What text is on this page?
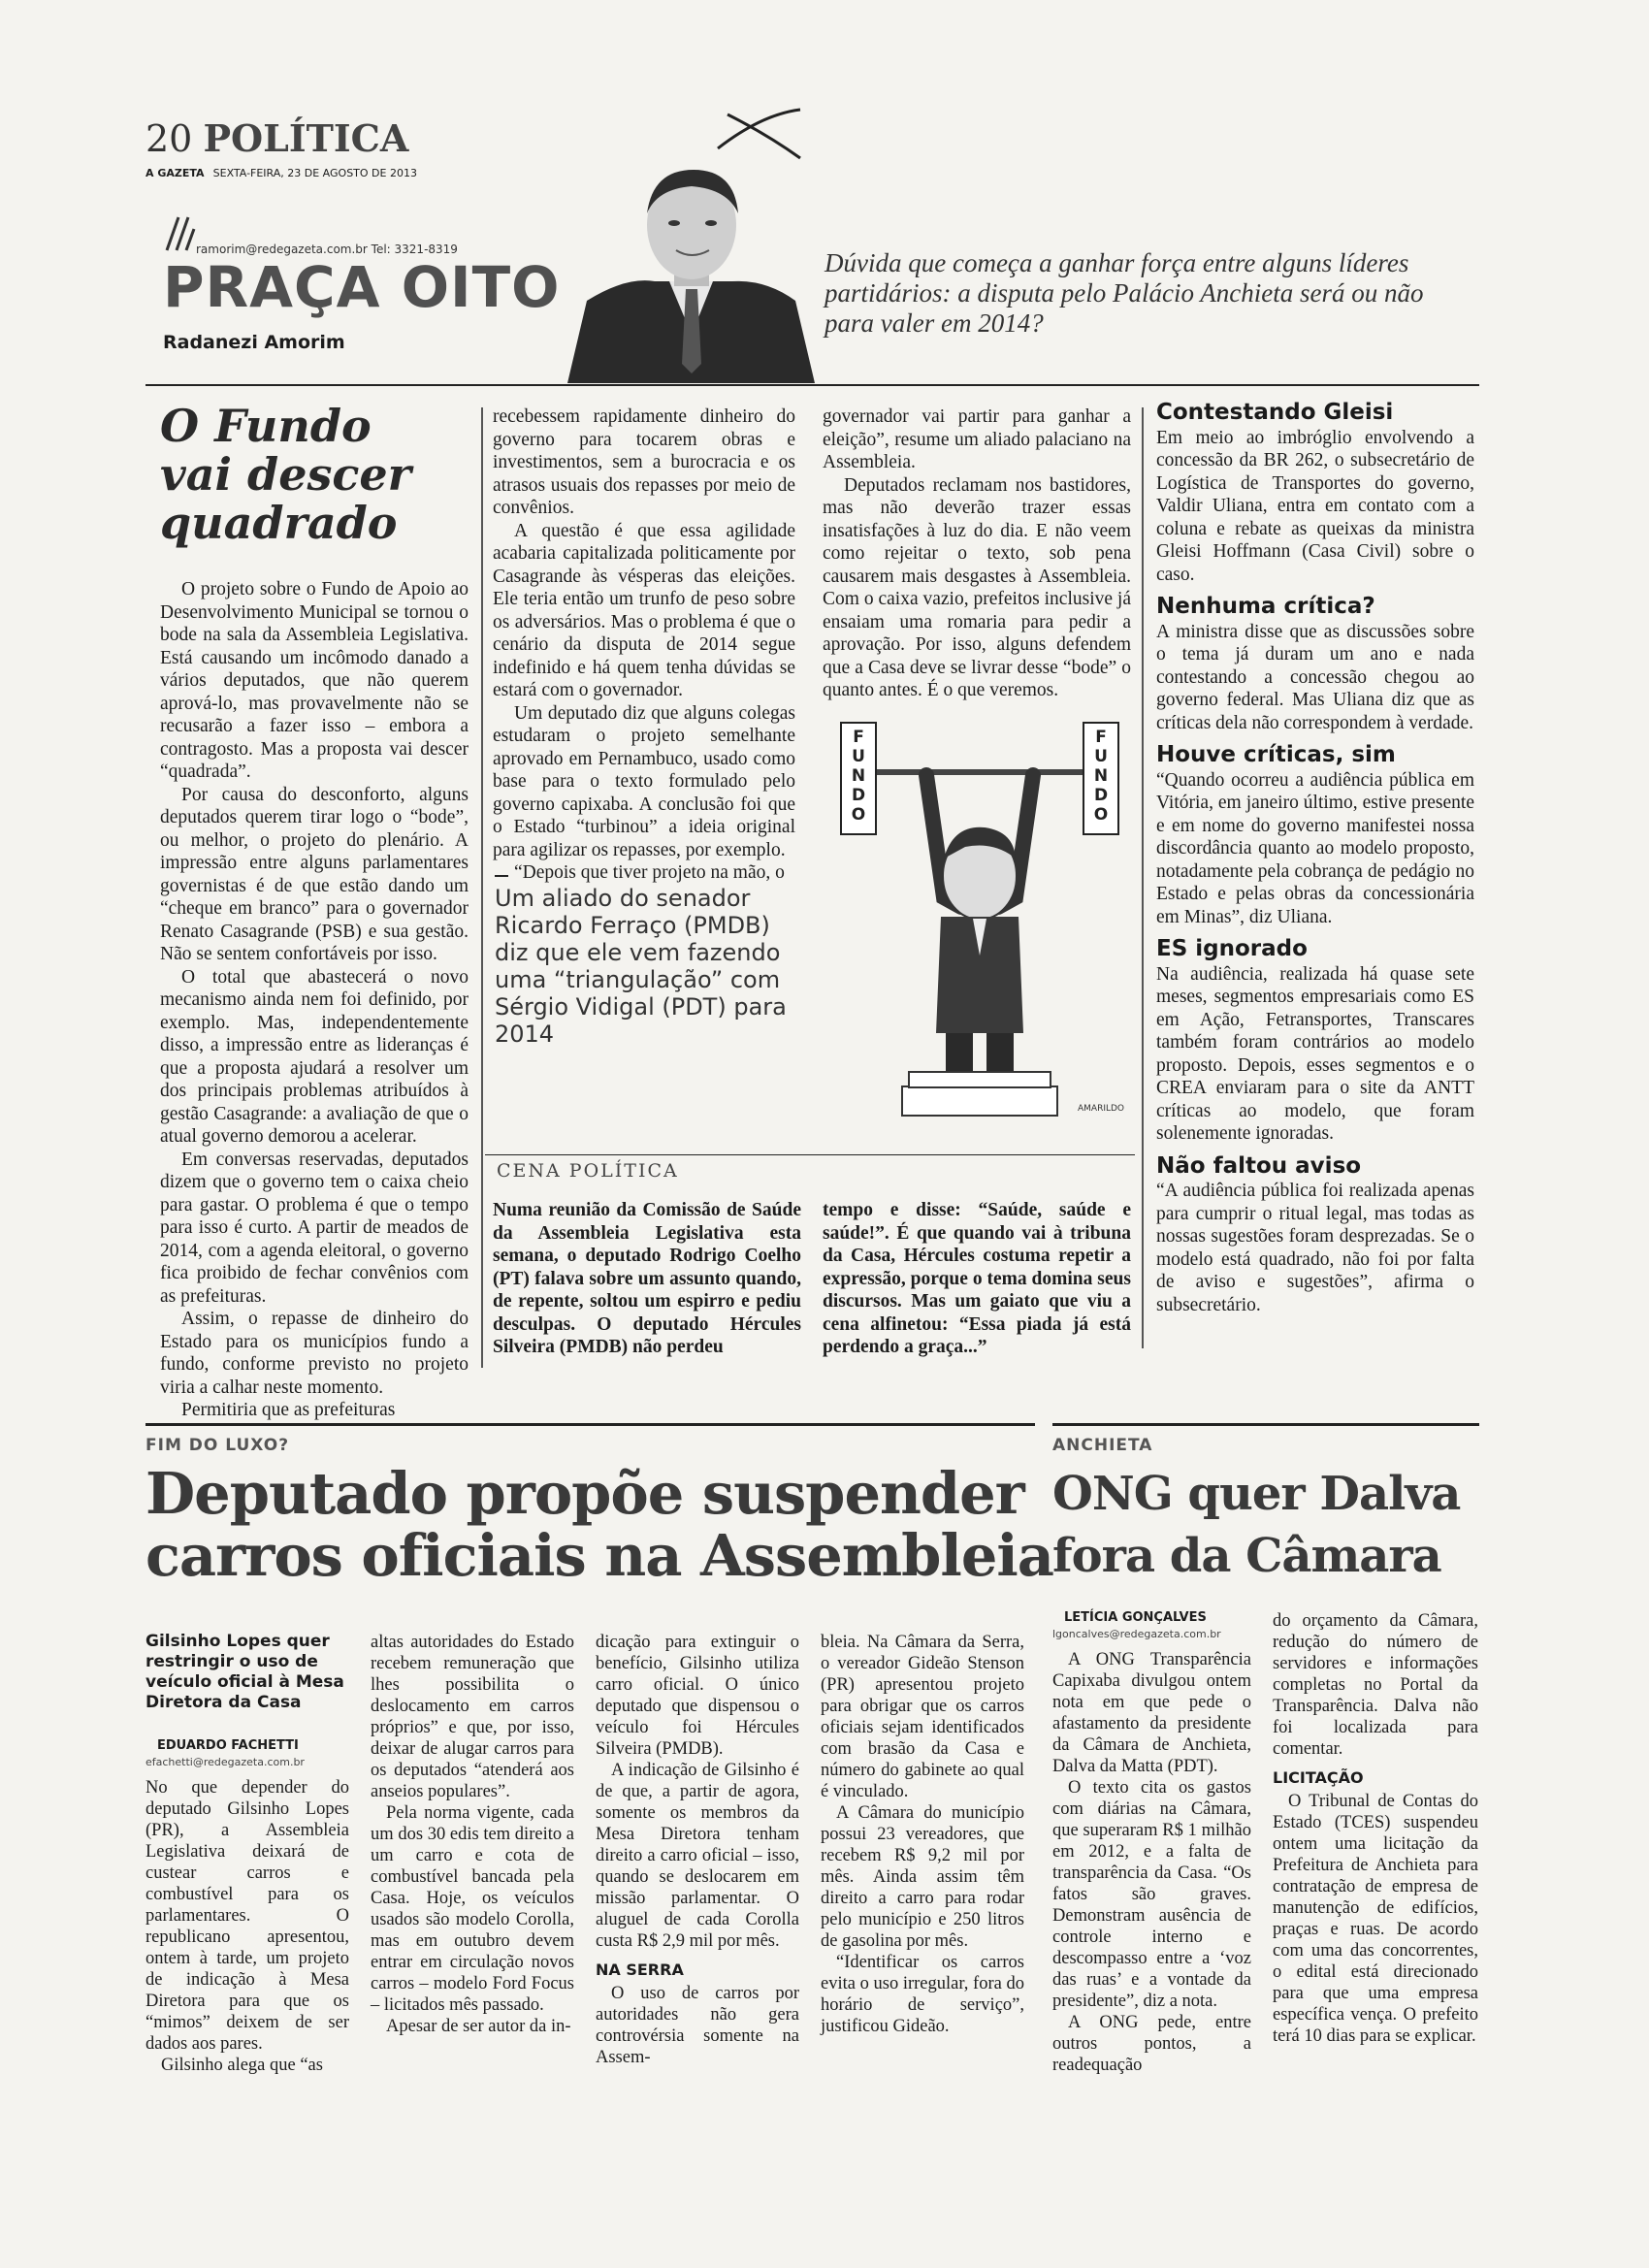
20 POLÍTICA
A GAZETA SEXTA-FEIRA, 23 DE AGOSTO DE 2013
ramorim@redegazeta.com.br Tel: 3321-8319
PRAÇA OITO
Radanezi Amorim
Dúvida que começa a ganhar força entre alguns líderes partidários: a disputa pelo Palácio Anchieta será ou não para valer em 2014?
O Fundo vai descer quadrado

O projeto sobre o Fundo de Apoio ao Desenvolvimento Municipal se tornou o bode na sala da Assembleia Legislativa. Está causando um incômodo danado a vários deputados, que não querem aprová-lo, mas provavelmente não se recusarão a fazer isso – embora a contragosto. Mas a proposta vai descer “quadrada”.

Por causa do desconforto, alguns deputados querem tirar logo o “bode”, ou melhor, o projeto do plenário. A impressão entre alguns parlamentares governistas é de que estão dando um “cheque em branco” para o governador Renato Casagrande (PSB) e sua gestão. Não se sentem confortáveis por isso.

O total que abastecerá o novo mecanismo ainda nem foi definido, por exemplo. Mas, independentemente disso, a impressão entre as lideranças é que a proposta ajudará a resolver um dos principais problemas atribuídos à gestão Casagrande: a avaliação de que o atual governo demorou a acelerar.

Em conversas reservadas, deputados dizem que o governo tem o caixa cheio para gastar. O problema é que o tempo para isso é curto. A partir de meados de 2014, com a agenda eleitoral, o governo fica proibido de fechar convênios com as prefeituras.

Assim, o repasse de dinheiro do Estado para os municípios fundo a fundo, conforme previsto no projeto viria a calhar neste momento.

Permitiria que as prefeituras

recebessem rapidamente dinheiro do governo para tocarem obras e investimentos, sem a burocracia e os atrasos usuais dos repasses por meio de convênios.

A questão é que essa agilidade acabaria capitalizada politicamente por Casagrande às vésperas das eleições. Ele teria então um trunfo de peso sobre os adversários. Mas o problema é que o cenário da disputa de 2014 segue indefinido e há quem tenha dúvidas se estará com o governador.

Um deputado diz que alguns colegas estudaram o projeto semelhante aprovado em Pernambuco, usado como base para o texto formulado pelo governo capixaba. A conclusão foi que o Estado “turbinou” a ideia original para agilizar os repasses, por exemplo.

“Depois que tiver projeto na mão, o

Um aliado do senador Ricardo Ferraço (PMDB) diz que ele vem fazendo uma “triangulação” com Sérgio Vidigal (PDT) para 2014

governador vai partir para ganhar a eleição”, resume um aliado palaciano na Assembleia.

Deputados reclamam nos bastidores, mas não deverão trazer essas insatisfações à luz do dia. E não veem como rejeitar o texto, sob pena causarem mais desgastes à Assembleia. Com o caixa vazio, prefeitos inclusive já ensaiam uma romaria para pedir a aprovação. Por isso, alguns defendem que a Casa deve se livrar desse “bode” o quanto antes. É o que veremos.

F
U
N
D
O
F
U
N
D
O
AMARILDO
Contestando Gleisi

Em meio ao imbróglio envolvendo a concessão da BR 262, o subsecretário de Logística de Transportes do governo, Valdir Uliana, entra em contato com a coluna e rebate as queixas da ministra Gleisi Hoffmann (Casa Civil) sobre o caso.

Nenhuma crítica?

A ministra disse que as discussões sobre o tema já duram um ano e nada contestando a concessão chegou ao governo federal. Mas Uliana diz que as críticas dela não correspondem à verdade.

Houve críticas, sim

“Quando ocorreu a audiência pública em Vitória, em janeiro último, estive presente e em nome do governo manifestei nossa discordância quanto ao modelo proposto, notadamente pela cobrança de pedágio no Estado e pelas obras da concessionária em Minas”, diz Uliana.

ES ignorado

Na audiência, realizada há quase sete meses, segmentos empresariais como ES em Ação, Fetransportes, Transcares também foram contrários ao modelo proposto. Depois, esses segmentos e o CREA enviaram para o site da ANTT críticas ao modelo, que foram solenemente ignoradas.

Não faltou aviso

“A audiência pública foi realizada apenas para cumprir o ritual legal, mas todas as nossas sugestões foram desprezadas. Se o modelo está quadrado, não foi por falta de aviso e sugestões”, afirma o subsecretário.

CENA POLÍTICA
Numa reunião da Comissão de Saúde da Assembleia Legislativa esta semana, o deputado Rodrigo Coelho (PT) falava sobre um assunto quando, de repente, soltou um espirro e pediu desculpas. O deputado Hércules Silveira (PMDB) não perdeu
tempo e disse: “Saúde, saúde e saúde!”. É que quando vai à tribuna da Casa, Hércules costuma repetir a expressão, porque o tema domina seus discursos. Mas um gaiato que viu a cena alfinetou: “Essa piada já está perdendo a graça...”
FIM DO LUXO?
Deputado propõe suspender
carros oficiais na Assembleia
Gilsinho Lopes quer restringir o uso de veículo oficial à Mesa Diretora da Casa
EDUARDO FACHETTI
efachetti@redegazeta.com.br

No que depender do deputado Gilsinho Lopes (PR), a Assembleia Legislativa deixará de custear carros e combustível para os parlamentares. O republicano apresentou, ontem à tarde, um projeto de indicação à Mesa Diretora para que os “mimos” deixem de ser dados aos pares.

Gilsinho alega que “as

altas autoridades do Estado recebem remuneração que lhes possibilita o deslocamento em carros próprios” e que, por isso, deixar de alugar carros para os deputados “atenderá aos anseios populares”.

Pela norma vigente, cada um dos 30 edis tem direito a um carro e cota de combustível bancada pela Casa. Hoje, os veículos usados são modelo Corolla, mas em outubro devem entrar em circulação novos carros – modelo Ford Focus – licitados mês passado.

Apesar de ser autor da in-

dicação para extinguir o benefício, Gilsinho utiliza carro oficial. O único deputado que dispensou o veículo foi Hércules Silveira (PMDB).

A indicação de Gilsinho é de que, a partir de agora, somente os membros da Mesa Diretora tenham direito a carro oficial – isso, quando se deslocarem em missão parlamentar. O aluguel de cada Corolla custa R$ 2,9 mil por mês.

NA SERRA

O uso de carros por autoridades não gera controvérsia somente na Assem-

bleia. Na Câmara da Serra, o vereador Gideão Stenson (PR) apresentou projeto para obrigar que os carros oficiais sejam identificados com brasão da Casa e número do gabinete ao qual é vinculado.

A Câmara do município possui 23 vereadores, que recebem R$ 9,2 mil por mês. Ainda assim têm direito a carro para rodar pelo município e 250 litros de gasolina por mês.

“Identificar os carros evita o uso irregular, fora do horário de serviço”, justificou Gideão.

ANCHIETA
ONG quer Dalva
fora da Câmara
LETÍCIA GONÇALVES
lgoncalves@redegazeta.com.br

A ONG Transparência Capixaba divulgou ontem nota em que pede o afastamento da presidente da Câmara de Anchieta, Dalva da Matta (PDT).

O texto cita os gastos com diárias na Câmara, que superaram R$ 1 milhão em 2012, e a falta de transparência da Casa. “Os fatos são graves. Demonstram ausência de controle interno e descompasso entre a ‘voz das ruas’ e a vontade da presidente”, diz a nota.

A ONG pede, entre outros pontos, a readequação

do orçamento da Câmara, redução do número de servidores e informações completas no Portal da Transparência. Dalva não foi localizada para comentar.

LICITAÇÃO

O Tribunal de Contas do Estado (TCES) suspendeu ontem uma licitação da Prefeitura de Anchieta para contratação de empresa de manutenção de edifícios, praças e ruas. De acordo com uma das concorrentes, o edital está direcionado para que uma empresa específica vença. O prefeito terá 10 dias para se explicar.
